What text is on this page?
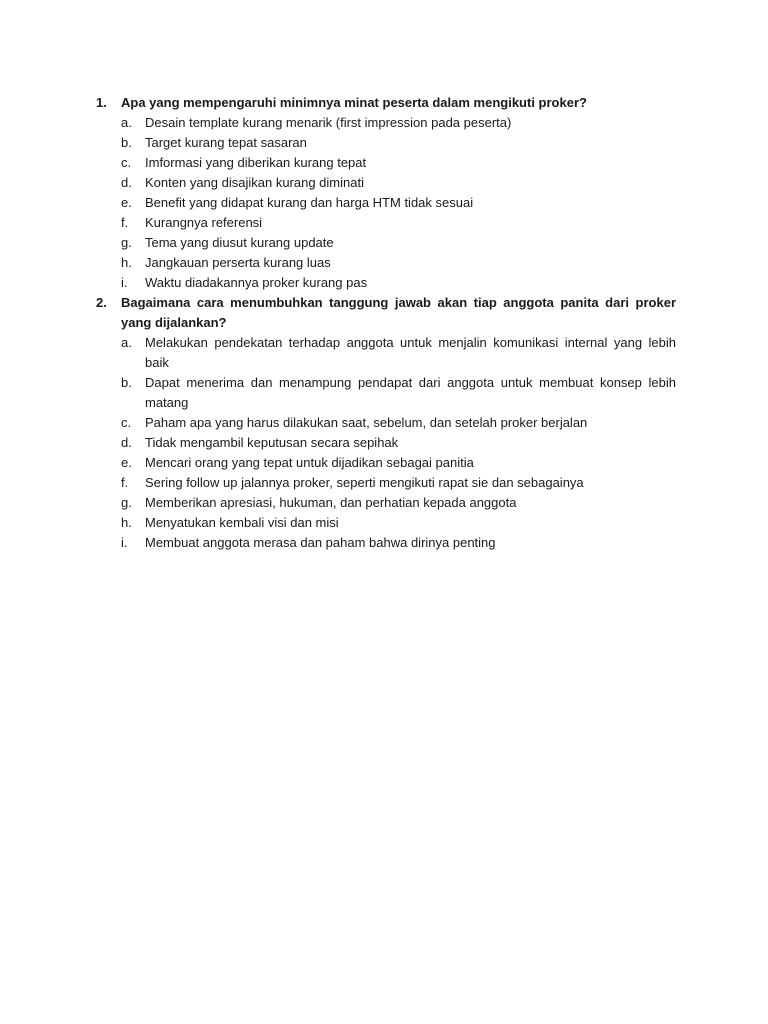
1.	Apa yang mempengaruhi minimnya minat peserta dalam mengikuti proker?
a.	Desain template kurang menarik (first impression pada peserta)
b.	Target kurang tepat sasaran
c.	Imformasi yang diberikan kurang tepat
d.	Konten yang disajikan kurang diminati
e.	Benefit yang didapat kurang dan harga HTM tidak sesuai
f.	Kurangnya referensi
g.	Tema yang diusut kurang update
h.	Jangkauan perserta kurang luas
i.	Waktu diadakannya proker kurang pas
2.	Bagaimana cara menumbuhkan tanggung jawab akan tiap anggota panita dari proker yang dijalankan?
a.	Melakukan pendekatan terhadap anggota untuk menjalin komunikasi internal yang lebih baik
b.	Dapat menerima dan menampung pendapat dari anggota untuk membuat konsep lebih matang
c.	Paham apa yang harus dilakukan saat, sebelum, dan setelah proker berjalan
d.	Tidak mengambil keputusan secara sepihak
e.	Mencari orang yang tepat untuk dijadikan sebagai panitia
f.	Sering follow up jalannya proker, seperti mengikuti rapat sie dan sebagainya
g.	Memberikan apresiasi, hukuman, dan perhatian kepada anggota
h.	Menyatukan kembali visi dan misi
i.	Membuat anggota merasa dan paham bahwa dirinya penting
